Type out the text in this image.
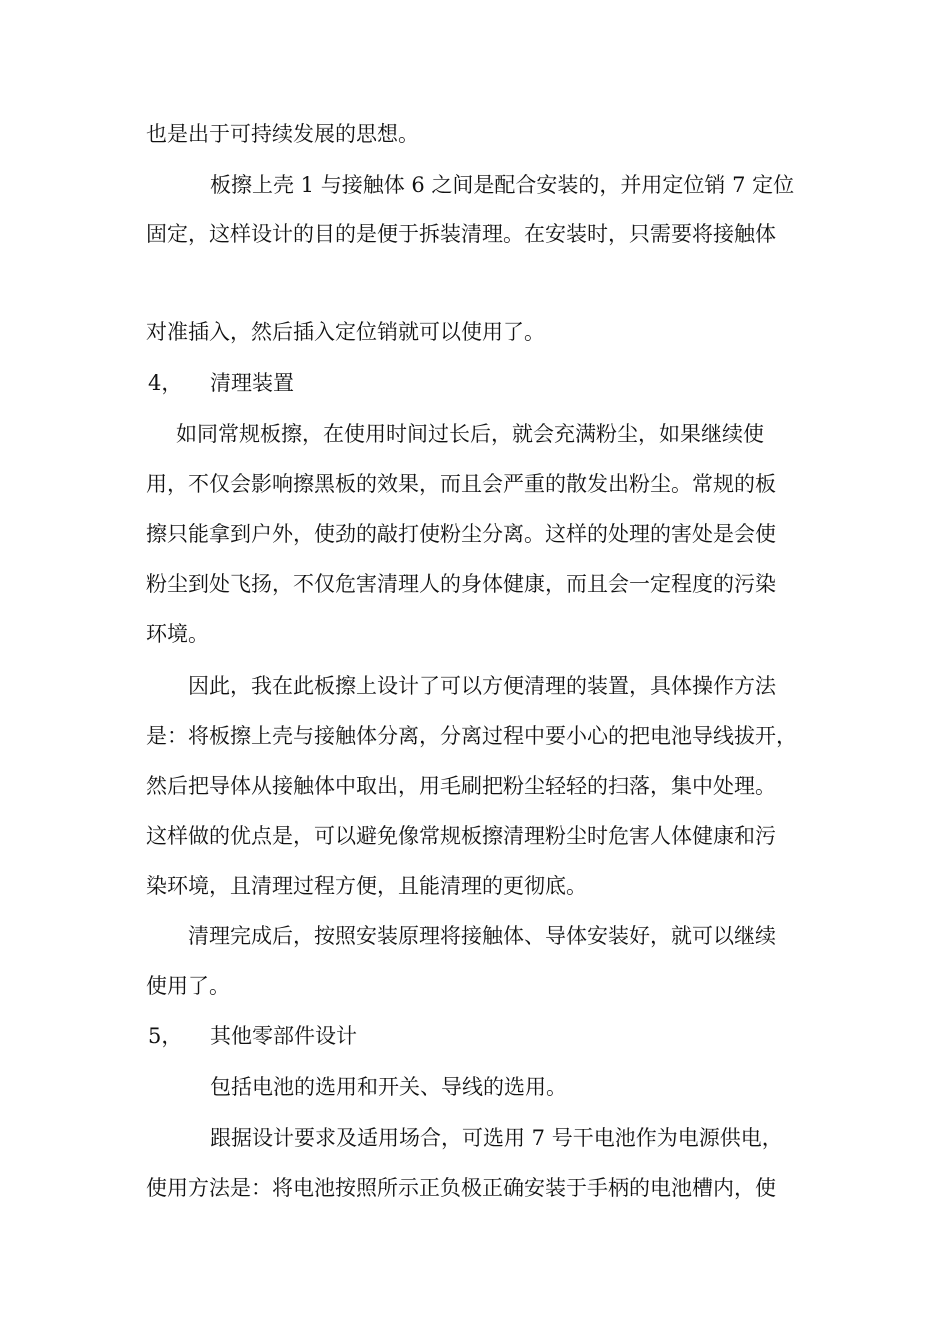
也是出于可持续发展的思想。

板擦上壳 1 与接触体 6 之间是配合安装的，并用定位销 7 定位

固定，这样设计的目的是便于拆装清理。在安装时，只需要将接触体

对准插入，然后插入定位销就可以使用了。

4， 清理装置

如同常规板擦，在使用时间过长后，就会充满粉尘，如果继续使

用，不仅会影响擦黑板的效果，而且会严重的散发出粉尘。常规的板

擦只能拿到户外，使劲的敲打使粉尘分离。这样的处理的害处是会使

粉尘到处飞扬，不仅危害清理人的身体健康，而且会一定程度的污染

环境。

因此，我在此板擦上设计了可以方便清理的装置，具体操作方法

是：将板擦上壳与接触体分离，分离过程中要小心的把电池导线拔开，

然后把导体从接触体中取出，用毛刷把粉尘轻轻的扫落，集中处理。

这样做的优点是，可以避免像常规板擦清理粉尘时危害人体健康和污

染环境，且清理过程方便，且能清理的更彻底。

清理完成后，按照安装原理将接触体、导体安装好，就可以继续

使用了。

5， 其他零部件设计

包括电池的选用和开关、导线的选用。

跟据设计要求及适用场合，可选用 7 号干电池作为电源供电，

使用方法是：将电池按照所示正负极正确安装于手柄的电池槽内，使
